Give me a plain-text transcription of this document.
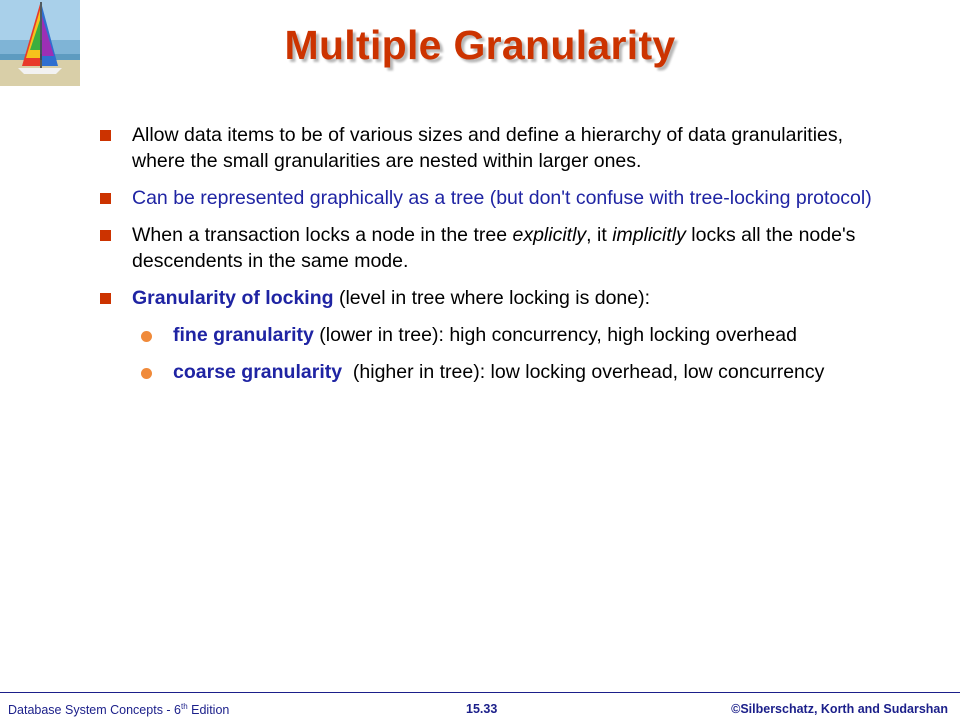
Multiple Granularity
Allow data items to be of various sizes and define a hierarchy of data granularities, where the small granularities are nested within larger ones.
Can be represented graphically as a tree (but don't confuse with tree-locking protocol)
When a transaction locks a node in the tree explicitly, it implicitly locks all the node's descendents in the same mode.
Granularity of locking (level in tree where locking is done):
fine granularity (lower in tree): high concurrency, high locking overhead
coarse granularity  (higher in tree): low locking overhead, low concurrency
Database System Concepts - 6th Edition	15.33	©Silberschatz, Korth and Sudarshan
